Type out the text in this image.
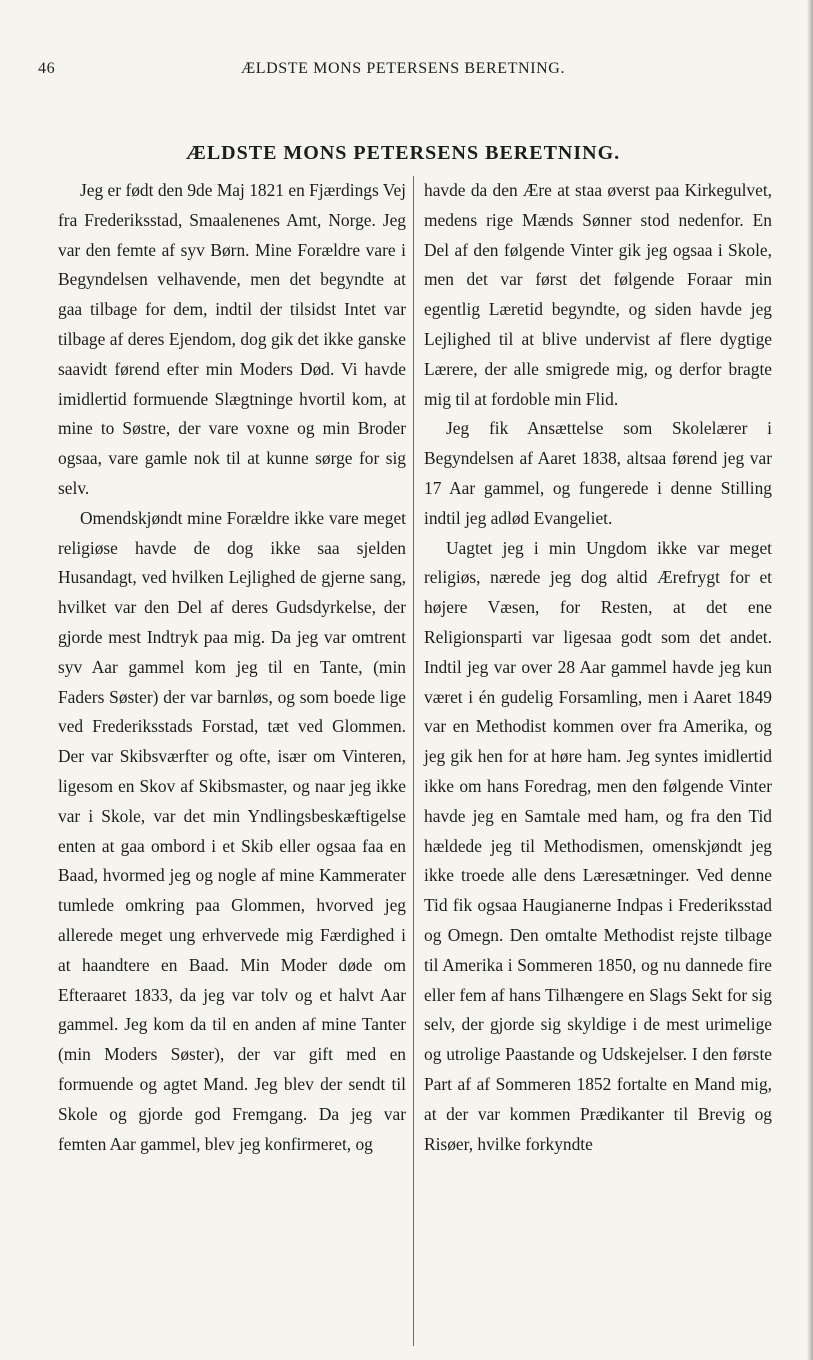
46	ÆLDSTE MONS PETERSENS BERETNING.
ÆLDSTE MONS PETERSENS BERETNING.

Jeg er født den 9de Maj 1821 en Fjærdings Vej fra Frederiksstad, Smaalenenes Amt, Norge. Jeg var den femte af syv Børn. Mine Forældre vare i Begyndelsen velhavende, men det begyndte at gaa tilbage for dem, indtil der tilsidst Intet var tilbage af deres Ejendom, dog gik det ikke ganske saavidt førend efter min Moders Død. Vi havde imidlertid formuende Slægtninge hvortil kom, at mine to Søstre, der vare voxne og min Broder ogsaa, vare gamle nok til at kunne sørge for sig selv.

Omendskjøndt mine Forældre ikke vare meget religiøse havde de dog ikke saa sjelden Husandagt, ved hvilken Lejlighed de gjerne sang, hvilket var den Del af deres Gudsdyrkelse, der gjorde mest Indtryk paa mig. Da jeg var omtrent syv Aar gammel kom jeg til en Tante, (min Faders Søster) der var barnløs, og som boede lige ved Frederiksstads Forstad, tæt ved Glommen. Der var Skibsværfter og ofte, især om Vinteren, ligesom en Skov af Skibsmaster, og naar jeg ikke var i Skole, var det min Yndlingsbeskæftigelse enten at gaa ombord i et Skib eller ogsaa faa en Baad, hvormed jeg og nogle af mine Kammerater tumlede omkring paa Glommen, hvorved jeg allerede meget ung erhvervede mig Færdighed i at haandtere en Baad. Min Moder døde om Efteraaret 1833, da jeg var tolv og et halvt Aar gammel. Jeg kom da til en anden af mine Tanter (min Moders Søster), der var gift med en formuende og agtet Mand. Jeg blev der sendt til Skole og gjorde god Fremgang. Da jeg var femten Aar gammel, blev jeg konfirmeret, og

havde da den Ære at staa øverst paa Kirkegulvet, medens rige Mænds Sønner stod nedenfor. En Del af den følgende Vinter gik jeg ogsaa i Skole, men det var først det følgende Foraar min egentlig Læretid begyndte, og siden havde jeg Lejlighed til at blive undervist af flere dygtige Lærere, der alle smigrede mig, og derfor bragte mig til at fordoble min Flid.

Jeg fik Ansættelse som Skolelærer i Begyndelsen af Aaret 1838, altsaa førend jeg var 17 Aar gammel, og fungerede i denne Stilling indtil jeg adlød Evangeliet.

Uagtet jeg i min Ungdom ikke var meget religiøs, nærede jeg dog altid Ærefrygt for et højere Væsen, for Resten, at det ene Religionsparti var ligesaa godt som det andet. Indtil jeg var over 28 Aar gammel havde jeg kun været i én gudelig Forsamling, men i Aaret 1849 var en Methodist kommen over fra Amerika, og jeg gik hen for at høre ham. Jeg syntes imidlertid ikke om hans Foredrag, men den følgende Vinter havde jeg en Samtale med ham, og fra den Tid hældede jeg til Methodismen, omenskjøndt jeg ikke troede alle dens Læresætninger. Ved denne Tid fik ogsaa Haugianerne Indpas i Frederiksstad og Omegn. Den omtalte Methodist rejste tilbage til Amerika i Sommeren 1850, og nu dannede fire eller fem af hans Tilhængere en Slags Sekt for sig selv, der gjorde sig skyldige i de mest urimelige og utrolige Paastande og Udskejelser. I den første Part af af Sommeren 1852 fortalte en Mand mig, at der var kommen Prædikanter til Brevig og Risøer, hvilke forkyndte
